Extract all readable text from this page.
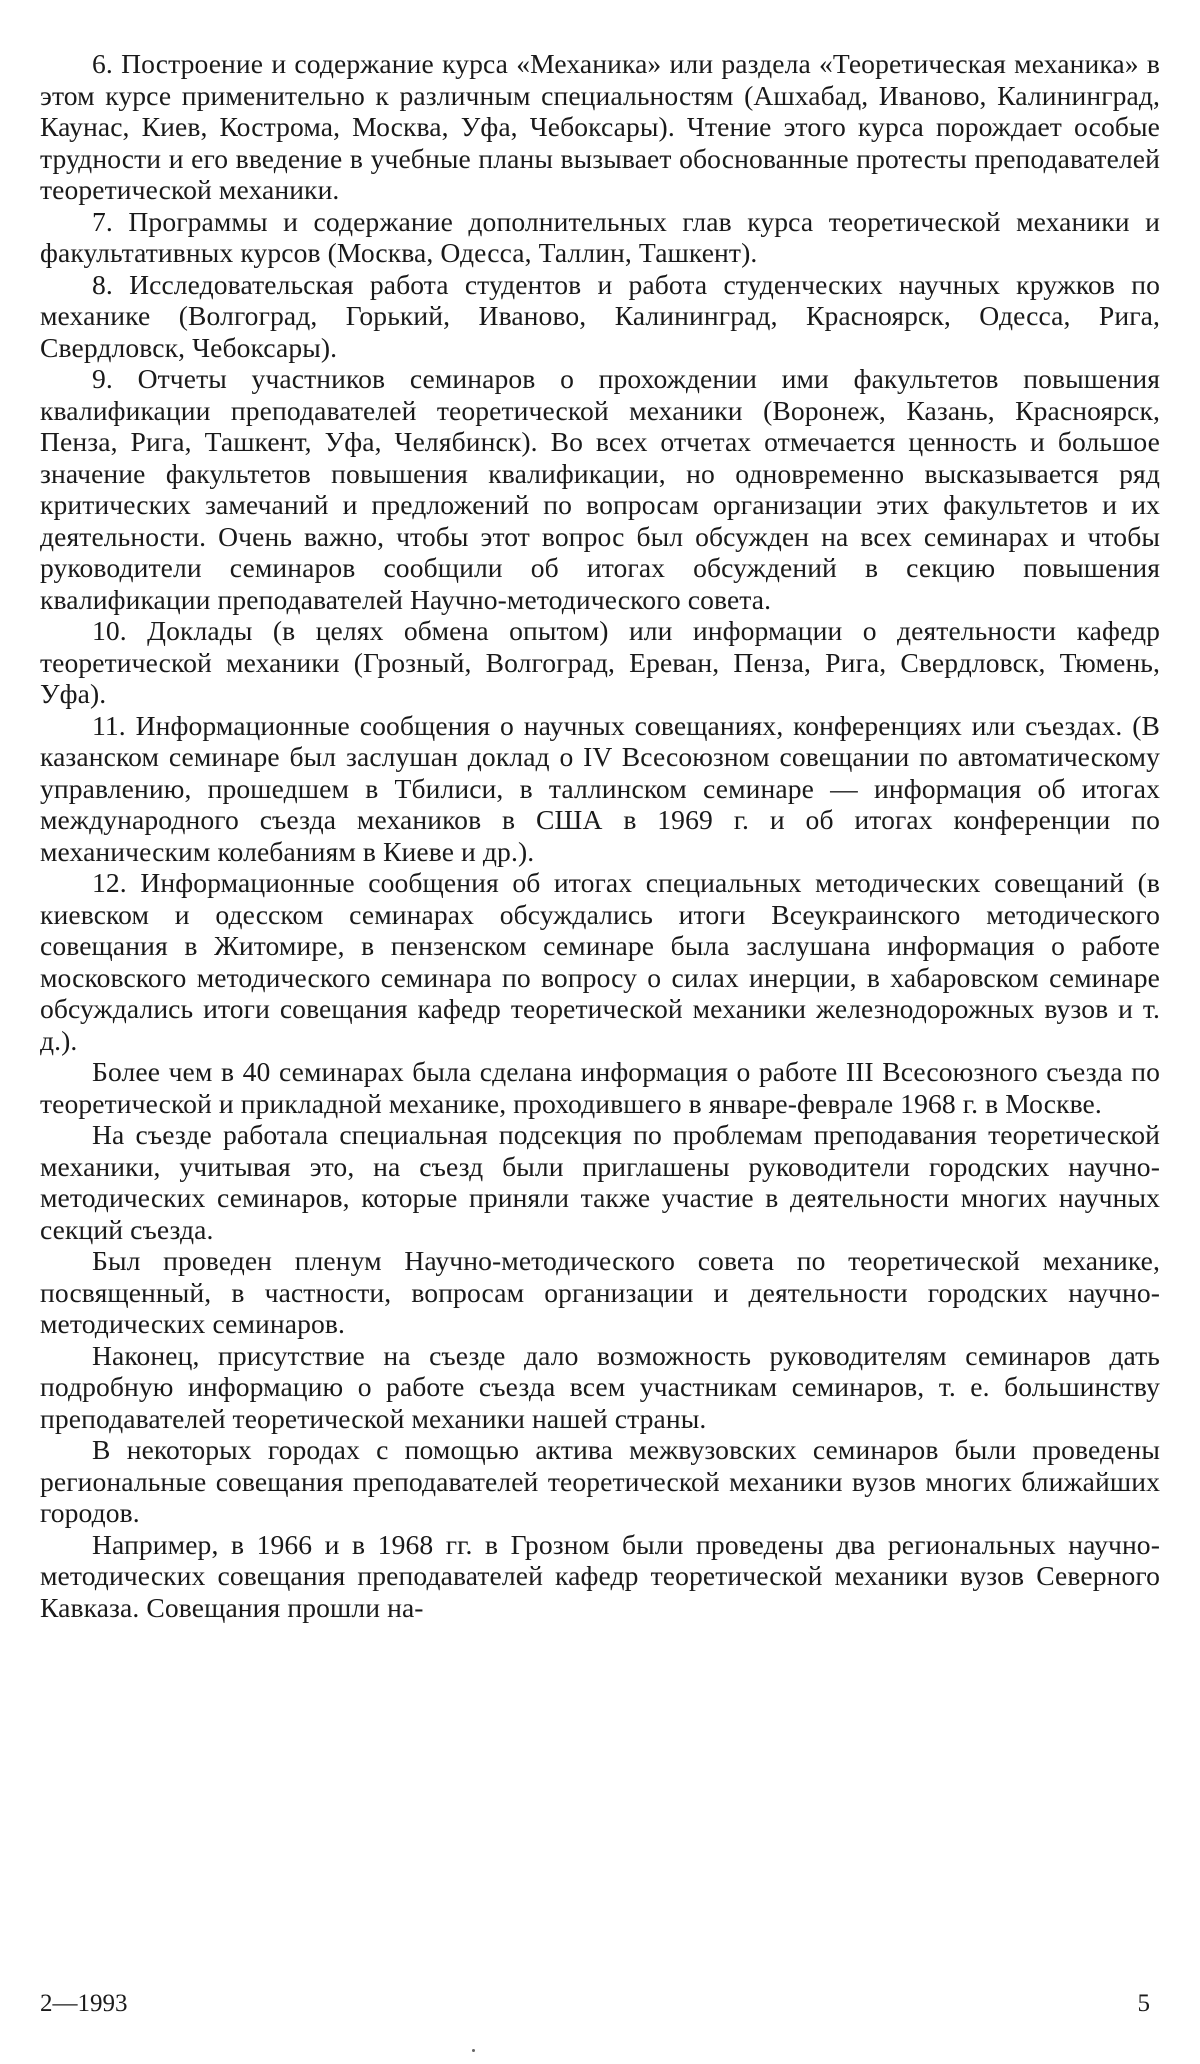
6. Построение и содержание курса «Механика» или раздела «Теоретическая механика» в этом курсе применительно к различным специальностям (Ашхабад, Иваново, Калининград, Каунас, Киев, Кострома, Москва, Уфа, Чебоксары). Чтение этого курса порождает особые трудности и его введение в учебные планы вызывает обоснованные протесты преподавателей теоретической механики.

7. Программы и содержание дополнительных глав курса теоретической механики и факультативных курсов (Москва, Одесса, Таллин, Ташкент).

8. Исследовательская работа студентов и работа студенческих научных кружков по механике (Волгоград, Горький, Иваново, Калининград, Красноярск, Одесса, Рига, Свердловск, Чебоксары).

9. Отчеты участников семинаров о прохождении ими факультетов повышения квалификации преподавателей теоретической механики (Воронеж, Казань, Красноярск, Пенза, Рига, Ташкент, Уфа, Челябинск). Во всех отчетах отмечается ценность и большое значение факультетов повышения квалификации, но одновременно высказывается ряд критических замечаний и предложений по вопросам организации этих факультетов и их деятельности. Очень важно, чтобы этот вопрос был обсужден на всех семинарах и чтобы руководители семинаров сообщили об итогах обсуждений в секцию повышения квалификации преподавателей Научно-методического совета.

10. Доклады (в целях обмена опытом) или информации о деятельности кафедр теоретической механики (Грозный, Волгоград, Ереван, Пенза, Рига, Свердловск, Тюмень, Уфа).

11. Информационные сообщения о научных совещаниях, конференциях или съездах. (В казанском семинаре был заслушан доклад о IV Всесоюзном совещании по автоматическому управлению, прошедшем в Тбилиси, в таллинском семинаре — информация об итогах международного съезда механиков в США в 1969 г. и об итогах конференции по механическим колебаниям в Киеве и др.).

12. Информационные сообщения об итогах специальных методических совещаний (в киевском и одесском семинарах обсуждались итоги Всеукраинского методического совещания в Житомире, в пензенском семинаре была заслушана информация о работе московского методического семинара по вопросу о силах инерции, в хабаровском семинаре обсуждались итоги совещания кафедр теоретической механики железнодорожных вузов и т. д.).

Более чем в 40 семинарах была сделана информация о работе III Всесоюзного съезда по теоретической и прикладной механике, проходившего в январе-феврале 1968 г. в Москве.

На съезде работала специальная подсекция по проблемам преподавания теоретической механики, учитывая это, на съезд были приглашены руководители городских научно-методических семинаров, которые приняли также участие в деятельности многих научных секций съезда.

Был проведен пленум Научно-методического совета по теоретической механике, посвященный, в частности, вопросам организации и деятельности городских научно-методических семинаров.

Наконец, присутствие на съезде дало возможность руководителям семинаров дать подробную информацию о работе съезда всем участникам семинаров, т. е. большинству преподавателей теоретической механики нашей страны.

В некоторых городах с помощью актива межвузовских семинаров были проведены региональные совещания преподавателей теоретической механики вузов многих ближайших городов.

Например, в 1966 и в 1968 гг. в Грозном были проведены два региональных научно-методических совещания преподавателей кафедр теоретической механики вузов Северного Кавказа. Совещания прошли на-

2—1993	5
